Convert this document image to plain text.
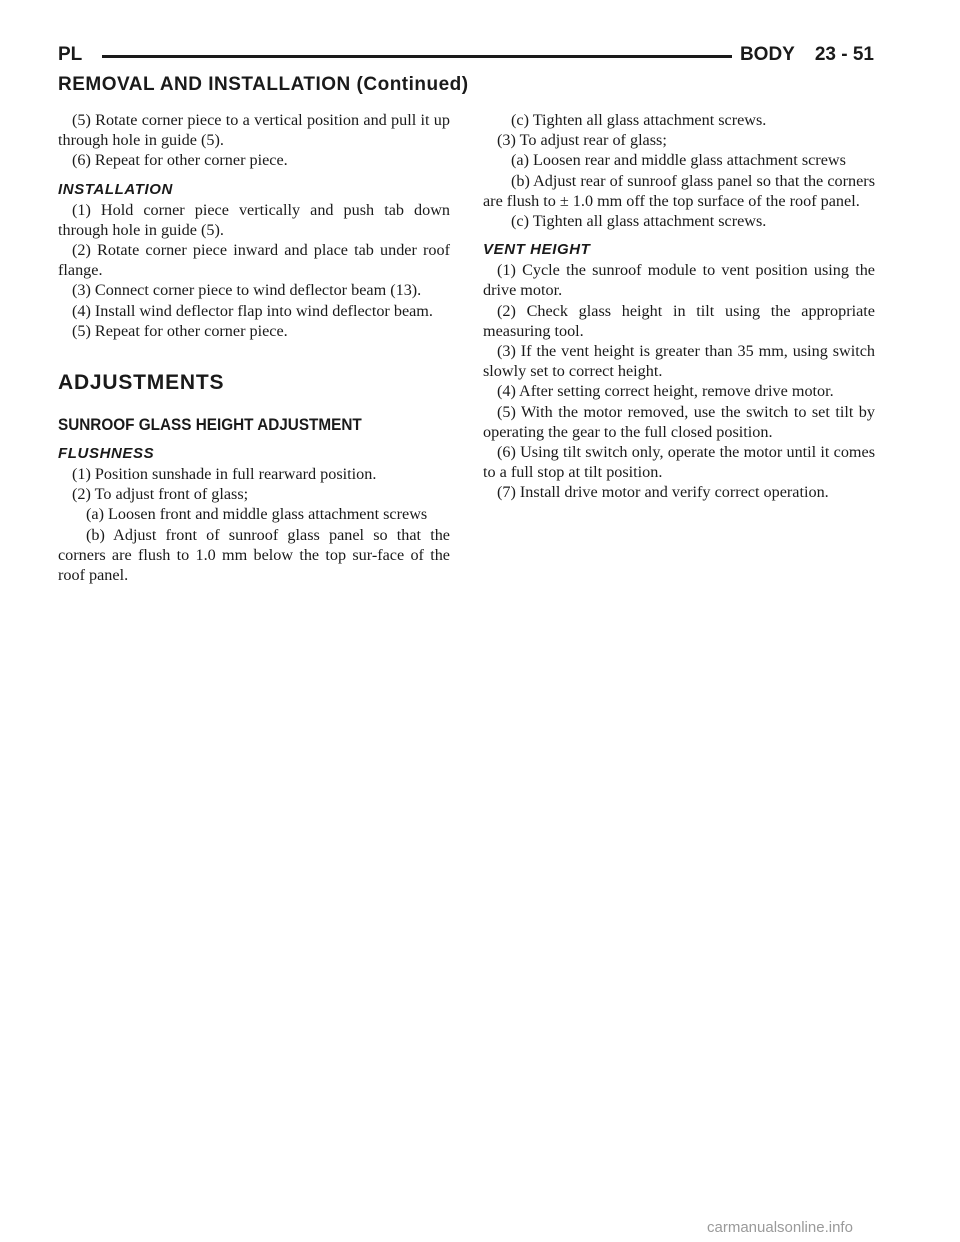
PL	BODY 23 - 51
REMOVAL AND INSTALLATION (Continued)

(5) Rotate corner piece to a vertical position and pull it up through hole in guide (5).

(6) Repeat for other corner piece.

INSTALLATION

(1) Hold corner piece vertically and push tab down through hole in guide (5).

(2) Rotate corner piece inward and place tab under roof flange.

(3) Connect corner piece to wind deflector beam (13).

(4) Install wind deflector flap into wind deflector beam.

(5) Repeat for other corner piece.

ADJUSTMENTS
SUNROOF GLASS HEIGHT ADJUSTMENT
FLUSHNESS

(1) Position sunshade in full rearward position.

(2) To adjust front of glass;

(a) Loosen front and middle glass attachment screws

(b) Adjust front of sunroof glass panel so that the corners are flush to 1.0 mm below the top sur-face of the roof panel.

(c) Tighten all glass attachment screws.

(3) To adjust rear of glass;

(a) Loosen rear and middle glass attachment screws

(b) Adjust rear of sunroof glass panel so that the corners are flush to ± 1.0 mm off the top surface of the roof panel.

(c) Tighten all glass attachment screws.

VENT HEIGHT

(1) Cycle the sunroof module to vent position using the drive motor.

(2) Check glass height in tilt using the appropriate measuring tool.

(3) If the vent height is greater than 35 mm, using switch slowly set to correct height.

(4) After setting correct height, remove drive motor.

(5) With the motor removed, use the switch to set tilt by operating the gear to the full closed position.

(6) Using tilt switch only, operate the motor until it comes to a full stop at tilt position.

(7) Install drive motor and verify correct operation.

carmanualsonline.info
